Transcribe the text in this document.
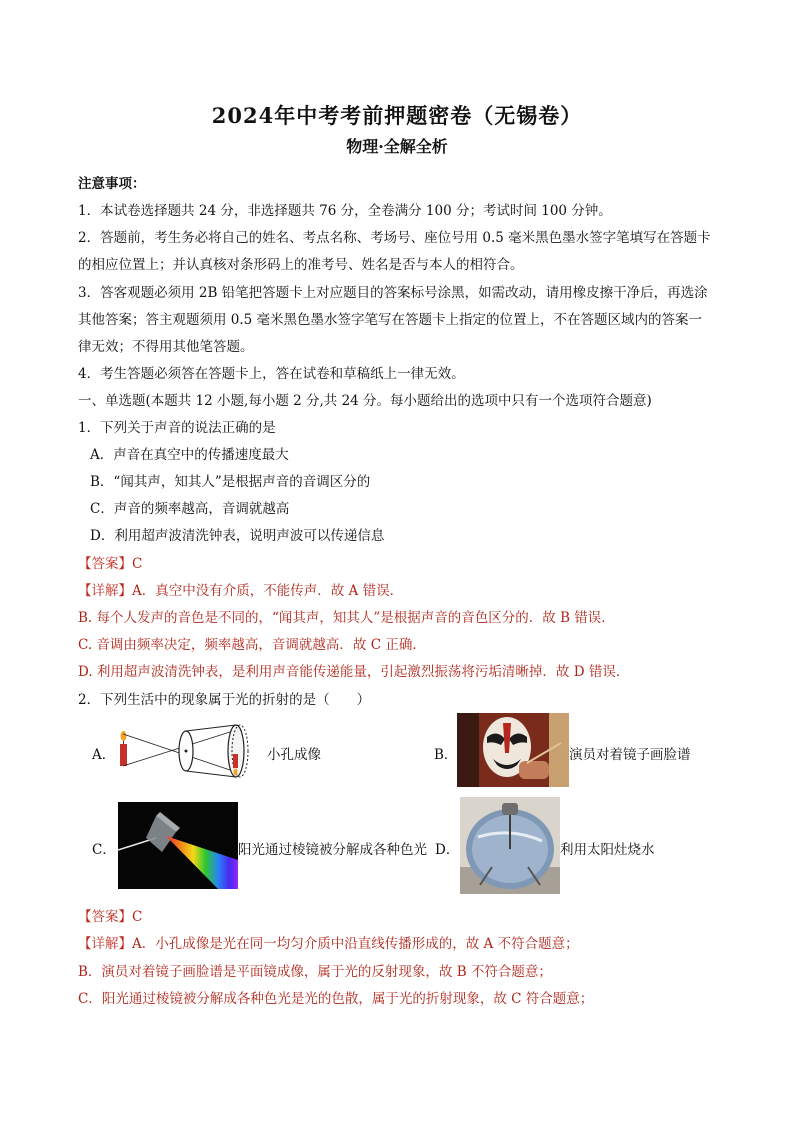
2024年中考考前押题密卷（无锡卷）
物理·全解全析
注意事项：
1．本试卷选择题共 24 分，非选择题共 76 分，全卷满分 100 分；考试时间 100 分钟。
2．答题前，考生务必将自己的姓名、考点名称、考场号、座位号用 0.5 毫米黑色墨水签字笔填写在答题卡
的相应位置上；并认真核对条形码上的准考号、姓名是否与本人的相符合。
3．答客观题必须用 2B 铅笔把答题卡上对应题目的答案标号涂黑，如需改动，请用橡皮擦干净后，再选涂
其他答案；答主观题须用 0.5 毫米黑色墨水签字笔写在答题卡上指定的位置上，不在答题区域内的答案一
律无效；不得用其他笔答题。
4．考生答题必须答在答题卡上，答在试卷和草稿纸上一律无效。
一、单选题(本题共 12 小题,每小题 2 分,共 24 分。每小题给出的选项中只有一个选项符合题意)
1．下列关于声音的说法正确的是
A．声音在真空中的传播速度最大
B．“闻其声，知其人”是根据声音的音调区分的
C．声音的频率越高，音调就越高
D．利用超声波清洗钟表，说明声波可以传递信息
【答案】C
【详解】A．真空中没有介质，不能传声．故 A 错误．
B. 每个人发声的音色是不同的，“闻其声，知其人”是根据声音的音色区分的．故 B 错误．
C. 音调由频率决定，频率越高，音调就越高．故 C 正确．
D. 利用超声波清洗钟表，是利用声音能传递能量，引起激烈振荡将污垢清晰掉．故 D 错误．
2．下列生活中的现象属于光的折射的是（　　）
A．	小孔成像	B．	演员对着镜子画脸谱
C．	阳光通过棱镜被分解成各种色光 D．	利用太阳灶烧水
【答案】C
【详解】A．小孔成像是光在同一均匀介质中沿直线传播形成的，故 A 不符合题意；
B．演员对着镜子画脸谱是平面镜成像，属于光的反射现象，故 B 不符合题意；
C．阳光通过棱镜被分解成各种色光是光的色散，属于光的折射现象，故 C 符合题意；
